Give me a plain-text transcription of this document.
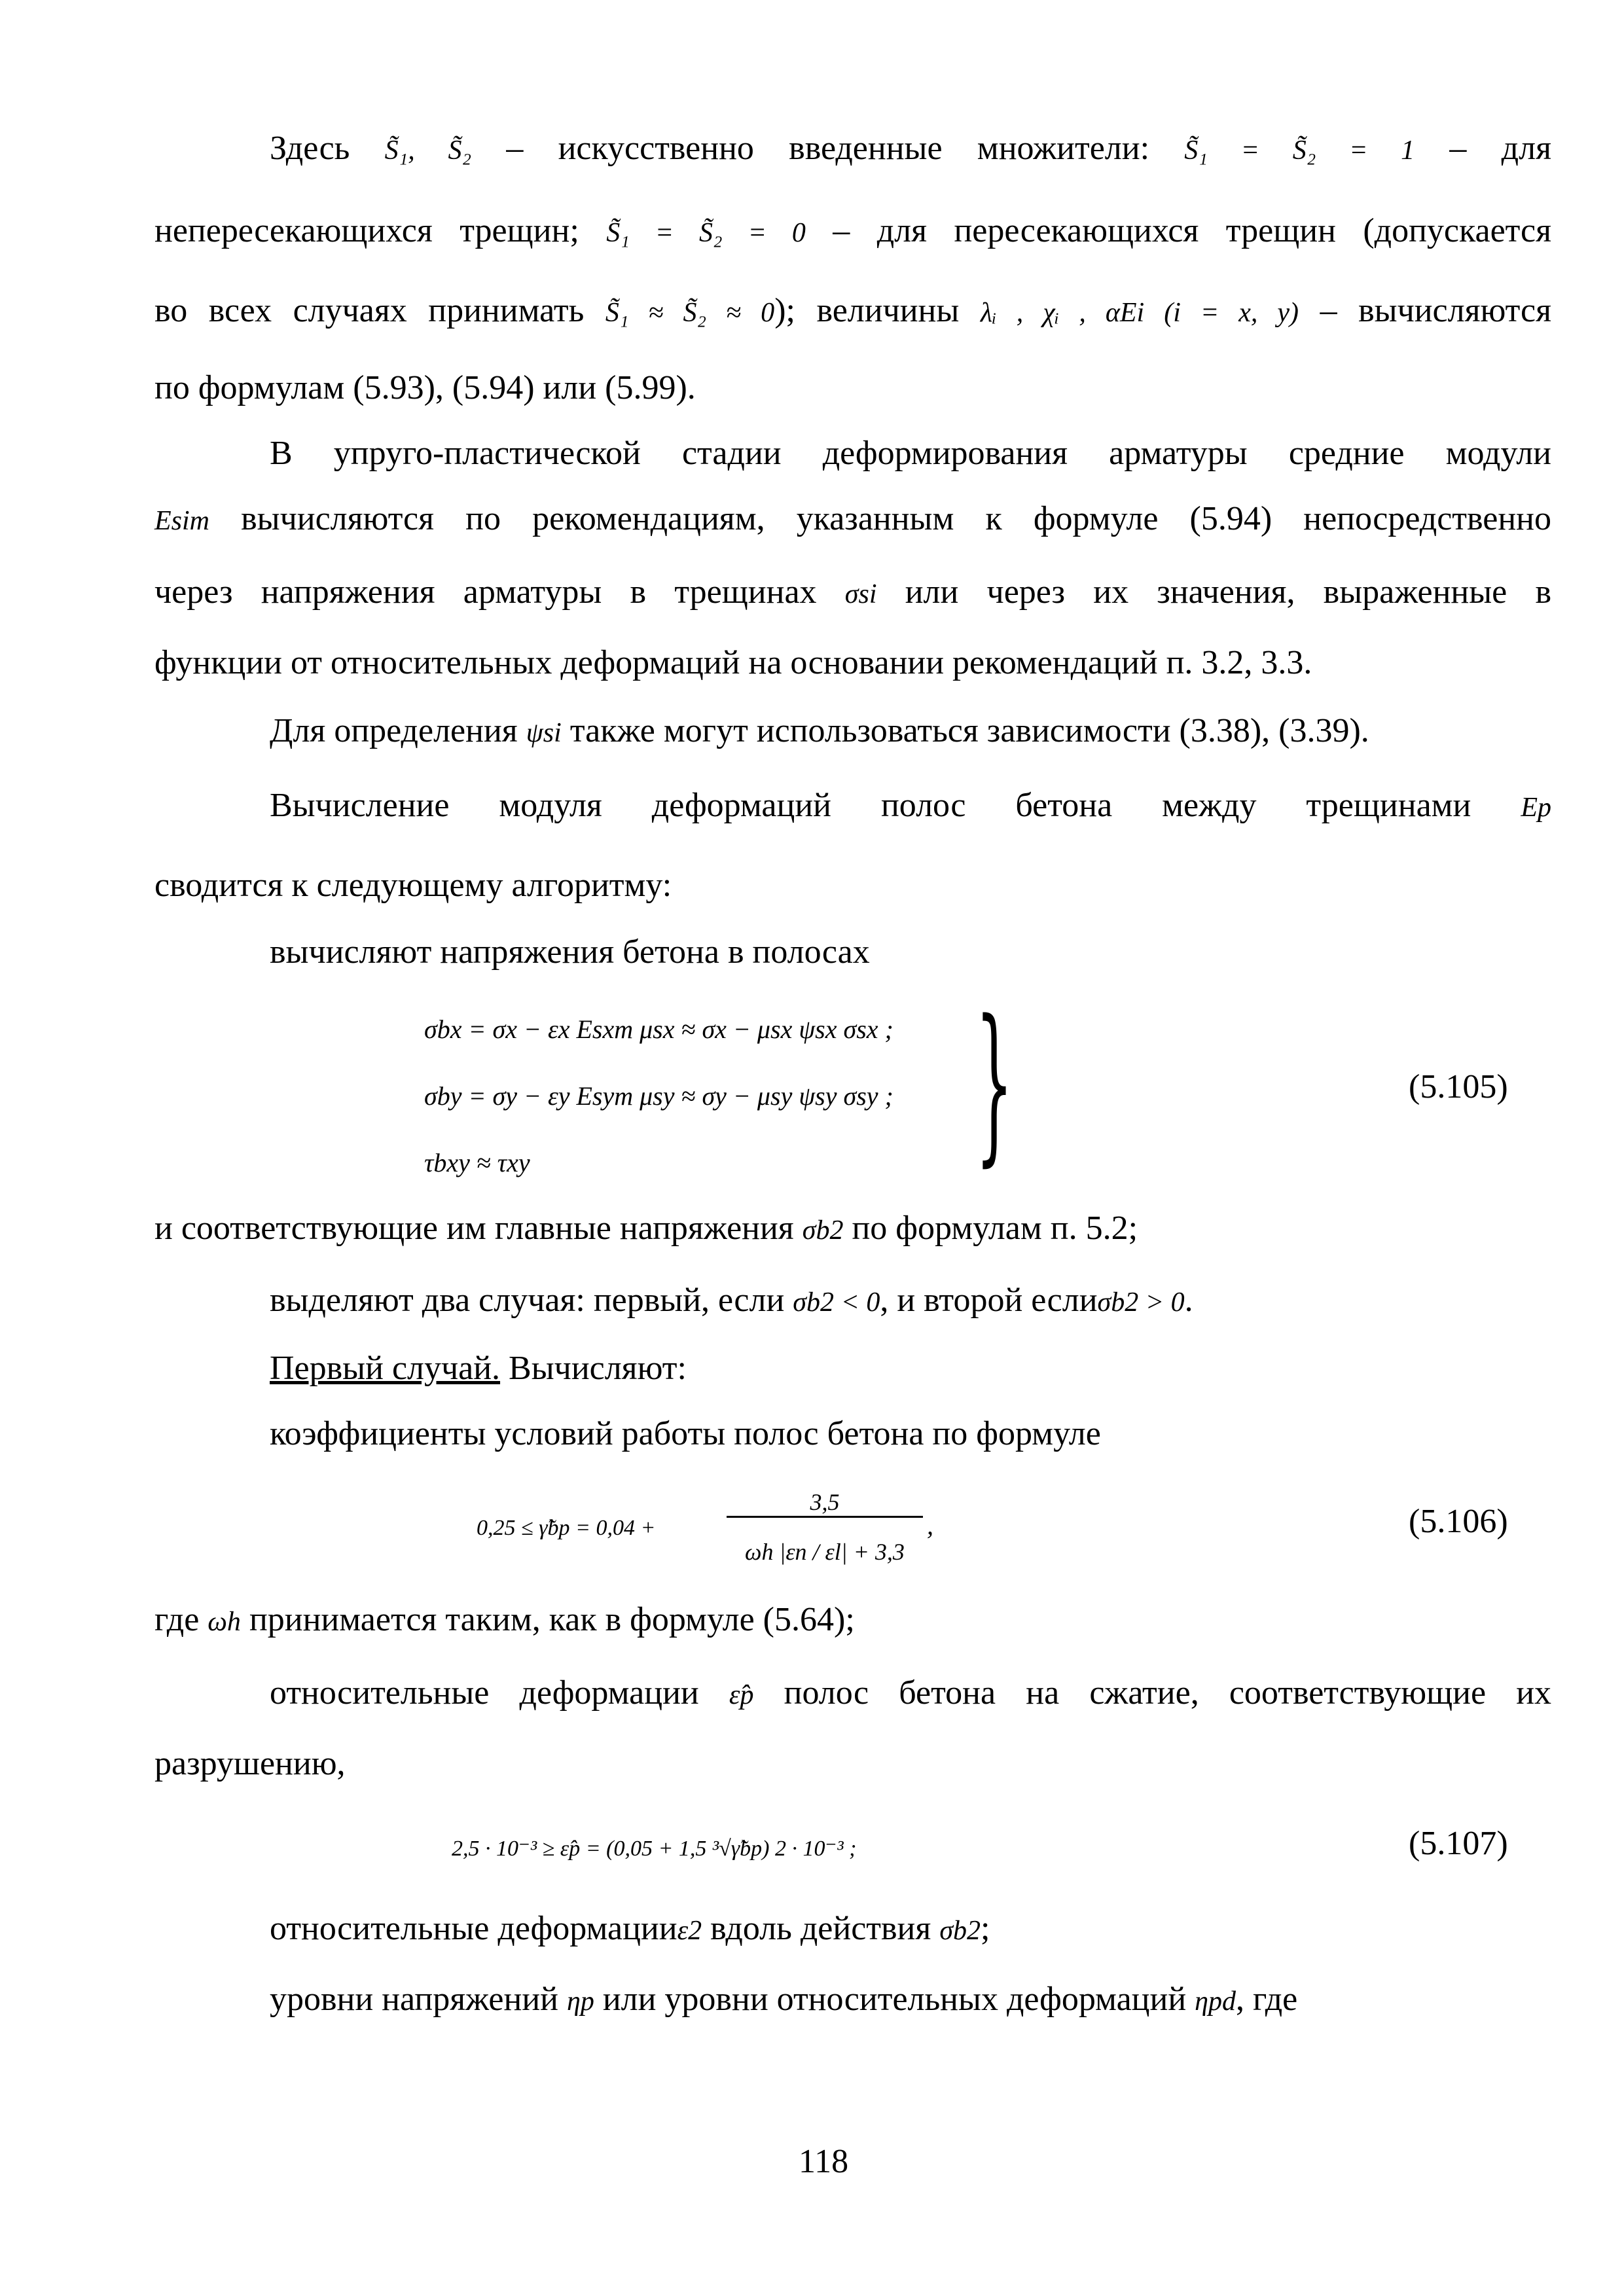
Здесь S̃₁, S̃₂ – искусственно введенные множители: S̃₁ = S̃₂ = 1 – для
непересекающихся трещин; S̃₁ = S̃₂ = 0 – для пересекающихся трещин (допускается
во всех случаях принимать S̃₁ ≈ S̃₂ ≈ 0); величины λᵢ , χᵢ , αEi (i = x, y) – вычисляются
по формулам (5.93), (5.94) или (5.99).
В упруго-пластической стадии деформирования арматуры средние модули
Esim вычисляются по рекомендациям, указанным к формуле (5.94) непосредственно
через напряжения арматуры в трещинах σsi или через их значения, выраженные в
функции от относительных деформаций на основании рекомендаций п. 3.2, 3.3.
Для определения ψsi также могут использоваться зависимости (3.38), (3.39).
Вычисление модуля деформаций полос бетона между трещинами Ep
сводится к следующему алгоритму:
вычисляют напряжения бетона в полосах
σbx = σx − εx Esxm μsx ≈ σx − μsx ψsx σsx ;
σby = σy − εy Esym μsy ≈ σy − μsy ψsy σsy ;
τbxy ≈ τxy	}	(5.105)
и соответствующие им главные напряжения σb2 по формулам п. 5.2;
выделяют два случая: первый, если σb2 < 0, и второй еслиσb2 > 0.
Первый случай. Вычисляют:
коэффициенты условий работы полос бетона по формуле
0,25 ≤ γ̃bp = 0,04 +
3,5
ωh |εn / εl| + 3,3
,	(5.106)
где ωh принимается таким, как в формуле (5.64);
относительные деформации ε̂p полос бетона на сжатие, соответствующие их
разрушению,
2,5 · 10⁻³ ≥ ε̂p = (0,05 + 1,5 ³√γ̃bp) 2 · 10⁻³ ;	(5.107)
относительные деформацииε2 вдоль действия σb2;
уровни напряжений ηp или уровни относительных деформаций ηpd, где
118
